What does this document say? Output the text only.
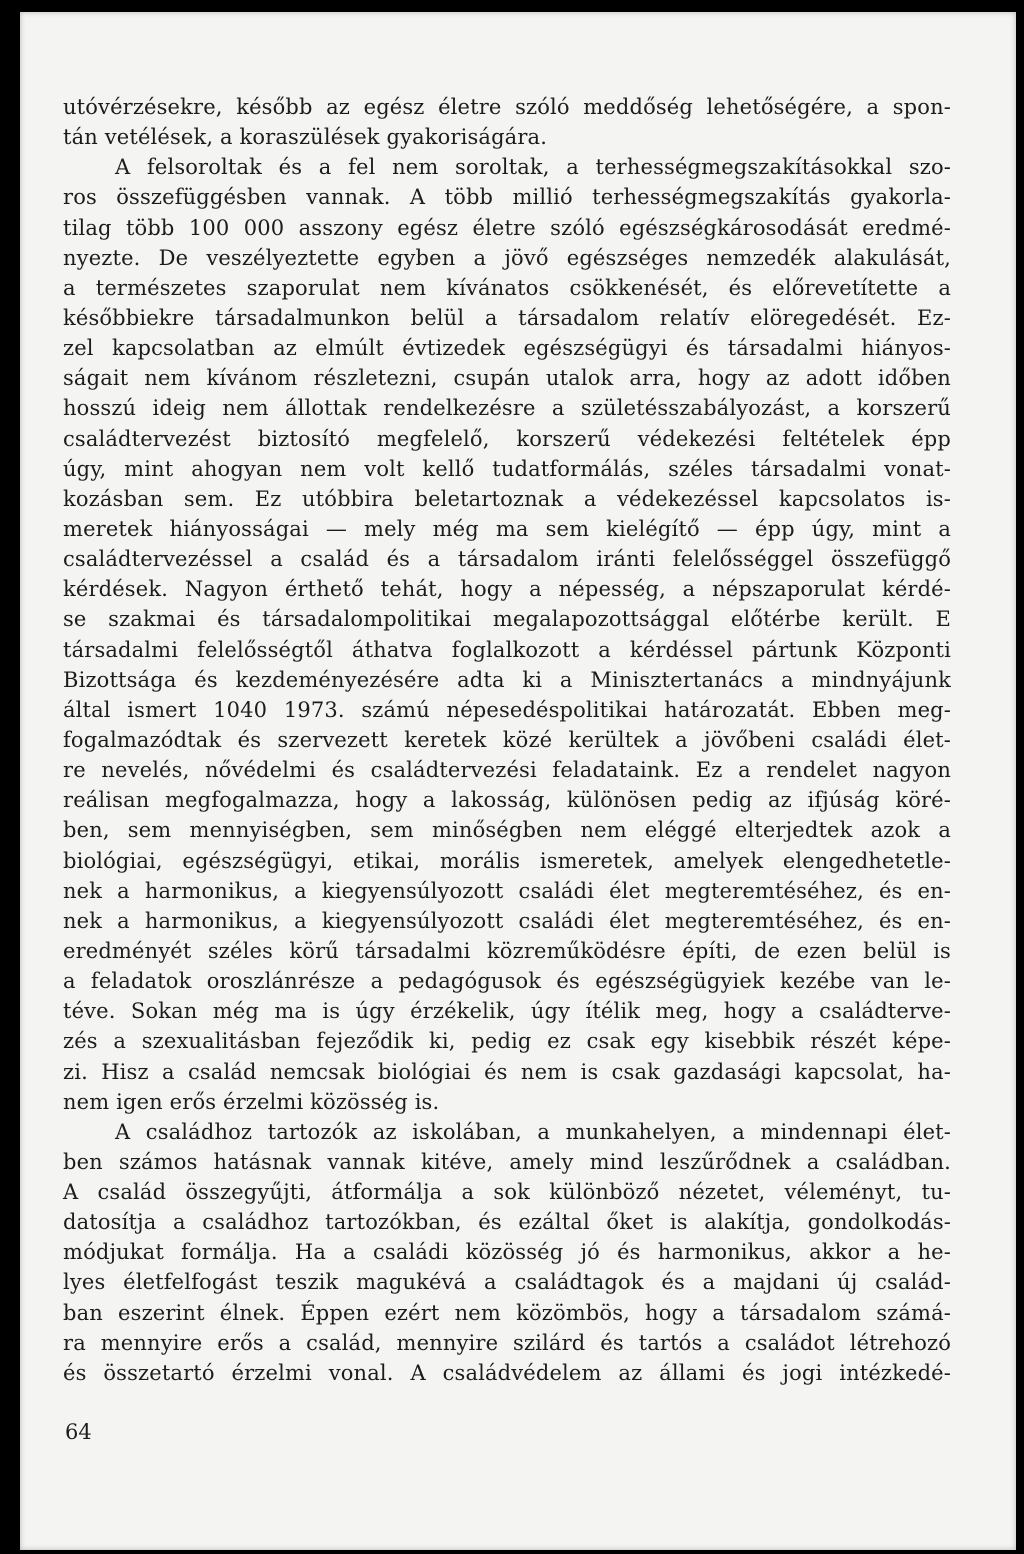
utóvérzésekre, később az egész életre szóló meddőség lehetőségére, a spon-
tán vetélések, a koraszülések gyakoriságára.
A felsoroltak és a fel nem soroltak, a terhességmegszakításokkal szo-
ros összefüggésben vannak. A több millió terhességmegszakítás gyakorla-
tilag több 100 000 asszony egész életre szóló egészségkárosodását eredmé-
nyezte. De veszélyeztette egyben a jövő egészséges nemzedék alakulását,
a természetes szaporulat nem kívánatos csökkenését, és előrevetítette a
későbbiekre társadalmunkon belül a társadalom relatív elöregedését. Ez-
zel kapcsolatban az elmúlt évtizedek egészségügyi és társadalmi hiányos-
ságait nem kívánom részletezni, csupán utalok arra, hogy az adott időben
hosszú ideig nem állottak rendelkezésre a születésszabályozást, a korszerű
családtervezést biztosító megfelelő, korszerű védekezési feltételek épp
úgy, mint ahogyan nem volt kellő tudatformálás, széles társadalmi vonat-
kozásban sem. Ez utóbbira beletartoznak a védekezéssel kapcsolatos is-
meretek hiányosságai — mely még ma sem kielégítő — épp úgy, mint a
családtervezéssel a család és a társadalom iránti felelősséggel összefüggő
kérdések. Nagyon érthető tehát, hogy a népesség, a népszaporulat kérdé-
se szakmai és társadalompolitikai megalapozottsággal előtérbe került. E
társadalmi felelősségtől áthatva foglalkozott a kérdéssel pártunk Központi
Bizottsága és kezdeményezésére adta ki a Minisztertanács a mindnyájunk
által ismert 1040 1973. számú népesedéspolitikai határozatát. Ebben meg-
fogalmazódtak és szervezett keretek közé kerültek a jövőbeni családi élet-
re nevelés, nővédelmi és családtervezési feladataink. Ez a rendelet nagyon
reálisan megfogalmazza, hogy a lakosság, különösen pedig az ifjúság köré-
ben, sem mennyiségben, sem minőségben nem eléggé elterjedtek azok a
biológiai, egészségügyi, etikai, morális ismeretek, amelyek elengedhetetle-
nek a harmonikus, a kiegyensúlyozott családi élet megteremtéséhez, és en-
nek a harmonikus, a kiegyensúlyozott családi élet megteremtéséhez, és en-
eredményét széles körű társadalmi közreműködésre építi, de ezen belül is
a feladatok oroszlánrésze a pedagógusok és egészségügyiek kezébe van le-
téve. Sokan még ma is úgy érzékelik, úgy ítélik meg, hogy a családterve-
zés a szexualitásban fejeződik ki, pedig ez csak egy kisebbik részét képe-
zi. Hisz a család nemcsak biológiai és nem is csak gazdasági kapcsolat, ha-
nem igen erős érzelmi közösség is.
A családhoz tartozók az iskolában, a munkahelyen, a mindennapi élet-
ben számos hatásnak vannak kitéve, amely mind leszűrődnek a családban.
A család összegyűjti, átformálja a sok különböző nézetet, véleményt, tu-
datosítja a családhoz tartozókban, és ezáltal őket is alakítja, gondolkodás-
módjukat formálja. Ha a családi közösség jó és harmonikus, akkor a he-
lyes életfelfogást teszik magukévá a családtagok és a majdani új család-
ban eszerint élnek. Éppen ezért nem közömbös, hogy a társadalom számá-
ra mennyire erős a család, mennyire szilárd és tartós a családot létrehozó
és összetartó érzelmi vonal. A családvédelem az állami és jogi intézkedé-
64
